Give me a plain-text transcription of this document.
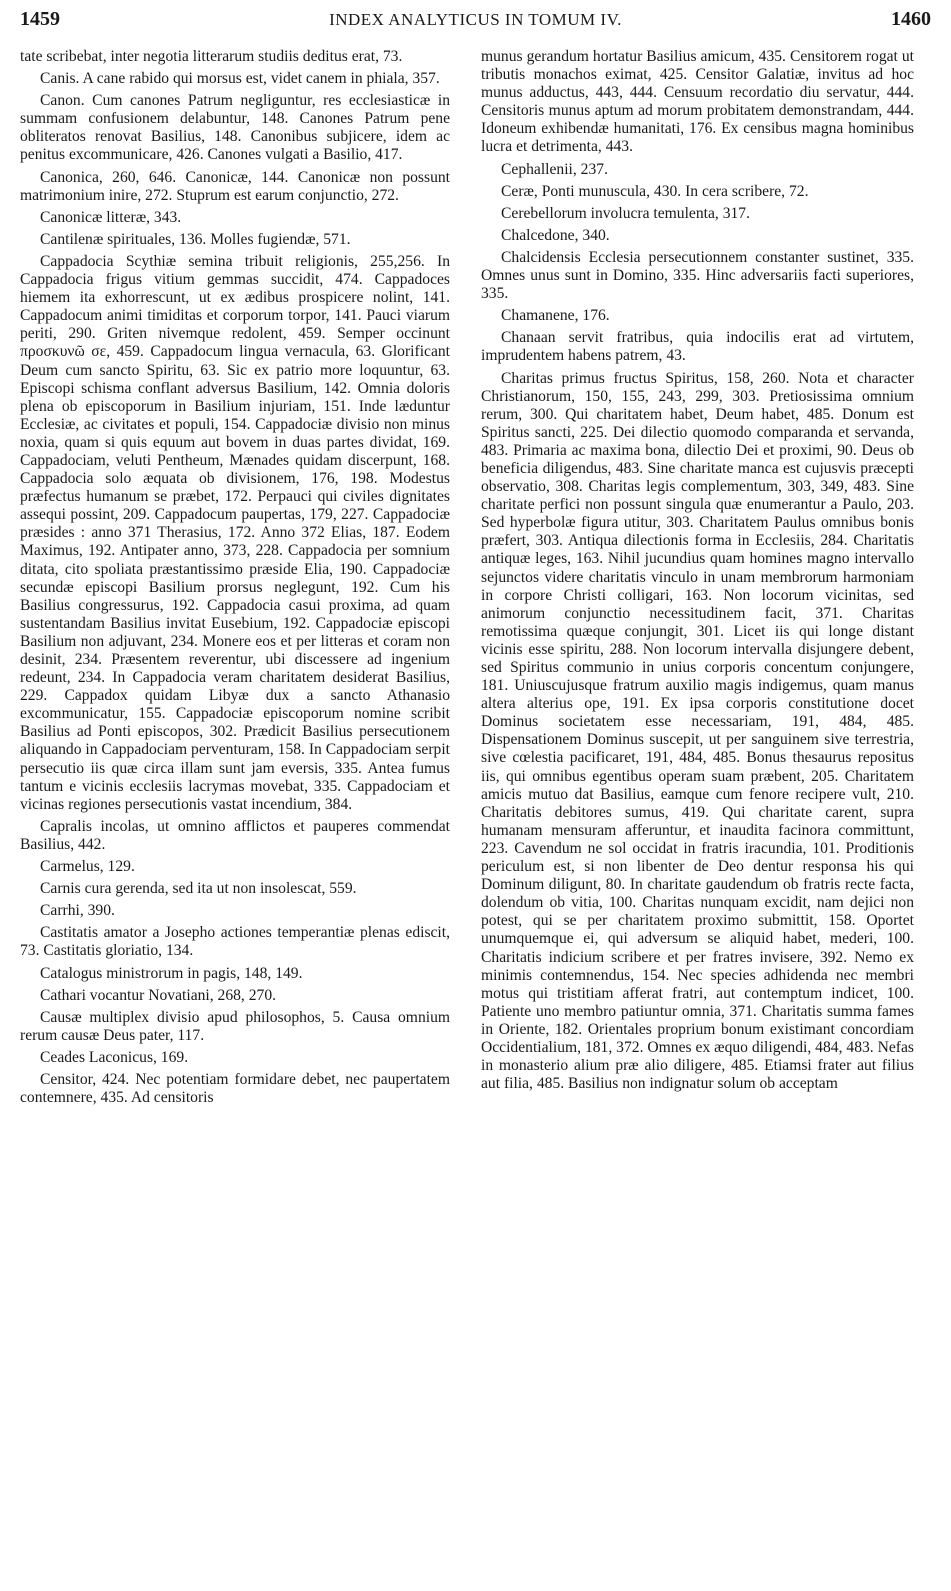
1459	INDEX ANALYTICUS IN TOMUM IV.	1460

tate scribebat, inter negotia litterarum studiis deditus erat, 73.

Canis. A cane rabido qui morsus est, videt canem in phiala, 357.

Canon. Cum canones Patrum negliguntur, res ecclesiasticæ in summam confusionem delabuntur, 148. Canones Patrum pene obliteratos renovat Basilius, 148. Canonibus subjicere, idem ac penitus excommunicare, 426. Canones vulgati a Basilio, 417.

Canonica, 260, 646. Canonicæ, 144. Canonicæ non possunt matrimonium inire, 272. Stuprum est earum conjunctio, 272.

Canonicæ litteræ, 343.

Cantilenæ spirituales, 136. Molles fugiendæ, 571.

Cappadocia Scythiæ semina tribuit religionis, 255,256. In Cappadocia frigus vitium gemmas succidit, 474. Cappadoces hiemem ita exhorrescunt, ut ex ædibus prospicere nolint, 141. Cappadocum animi timiditas et corporum torpor, 141. Pauci viarum periti, 290. Griten nivemque redolent, 459. Semper occinunt προσκυνῶ σε, 459. Cappadocum lingua vernacula, 63. Glorificant Deum cum sancto Spiritu, 63. Sic ex patrio more loquuntur, 63. Episcopi schisma conflant adversus Basilium, 142. Omnia doloris plena ob episcoporum in Basilium injuriam, 151. Inde læduntur Ecclesiæ, ac civitates et populi, 154. Cappadociæ divisio non minus noxia, quam si quis equum aut bovem in duas partes dividat, 169. Cappadociam, veluti Pentheum, Mænades quidam discerpunt, 168. Cappadocia solo æquata ob divisionem, 176, 198. Modestus præfectus humanum se præbet, 172. Perpauci qui civiles dignitates assequi possint, 209. Cappadocum paupertas, 179, 227. Cappadociæ præsides : anno 371 Therasius, 172. Anno 372 Elias, 187. Eodem Maximus, 192. Antipater anno, 373, 228. Cappadocia per somnium ditata, cito spoliata præstantissimo præside Elia, 190. Cappadociæ secundæ episcopi Basilium prorsus neglegunt, 192. Cum his Basilius congressurus, 192. Cappadocia casui proxima, ad quam sustentandam Basilius invitat Eusebium, 192. Cappadociæ episcopi Basilium non adjuvant, 234. Monere eos et per litteras et coram non desinit, 234. Præsentem reverentur, ubi discessere ad ingenium redeunt, 234. In Cappadocia veram charitatem desiderat Basilius, 229. Cappadox quidam Libyæ dux a sancto Athanasio excommunicatur, 155. Cappadociæ episcoporum nomine scribit Basilius ad Ponti episcopos, 302. Prædicit Basilius persecutionem aliquando in Cappadociam perventuram, 158. In Cappadociam serpit persecutio iis quæ circa illam sunt jam eversis, 335. Antea fumus tantum e vicinis ecclesiis lacrymas movebat, 335. Cappadociam et vicinas regiones persecutionis vastat incendium, 384.

Capralis incolas, ut omnino afflictos et pauperes commendat Basilius, 442.

Carmelus, 129.

Carnis cura gerenda, sed ita ut non insolescat, 559.

Carrhi, 390.

Castitatis amator a Josepho actiones temperantiæ plenas ediscit, 73. Castitatis gloriatio, 134.

Catalogus ministrorum in pagis, 148, 149.

Cathari vocantur Novatiani, 268, 270.

Causæ multiplex divisio apud philosophos, 5. Causa omnium rerum causæ Deus pater, 117.

Ceades Laconicus, 169.

Censitor, 424. Nec potentiam formidare debet, nec paupertatem contemnere, 435. Ad censitoris

munus gerandum hortatur Basilius amicum, 435. Censitorem rogat ut tributis monachos eximat, 425. Censitor Galatiæ, invitus ad hoc munus adductus, 443, 444. Censuum recordatio diu servatur, 444. Censitoris munus aptum ad morum probitatem demonstrandam, 444. Idoneum exhibendæ humanitati, 176. Ex censibus magna hominibus lucra et detrimenta, 443.

Cephallenii, 237.

Ceræ, Ponti munuscula, 430. In cera scribere, 72.

Cerebellorum involucra temulenta, 317.

Chalcedone, 340.

Chalcidensis Ecclesia persecutionnem constanter sustinet, 335. Omnes unus sunt in Domino, 335. Hinc adversariis facti superiores, 335.

Chamanene, 176.

Chanaan servit fratribus, quia indocilis erat ad virtutem, imprudentem habens patrem, 43.

Charitas primus fructus Spiritus, 158, 260. Nota et character Christianorum, 150, 155, 243, 299, 303. Pretiosissima omnium rerum, 300. Qui charitatem habet, Deum habet, 485. Donum est Spiritus sancti, 225. Dei dilectio quomodo comparanda et servanda, 483. Primaria ac maxima bona, dilectio Dei et proximi, 90. Deus ob beneficia diligendus, 483. Sine charitate manca est cujusvis præcepti observatio, 308. Charitas legis complementum, 303, 349, 483. Sine charitate perfici non possunt singula quæ enumerantur a Paulo, 203. Sed hyperbolæ figura utitur, 303. Charitatem Paulus omnibus bonis præfert, 303. Antiqua dilectionis forma in Ecclesiis, 284. Charitatis antiquæ leges, 163. Nihil jucundius quam homines magno intervallo sejunctos videre charitatis vinculo in unam membrorum harmoniam in corpore Christi colligari, 163. Non locorum vicinitas, sed animorum conjunctio necessitudinem facit, 371. Charitas remotissima quæque conjungit, 301. Licet iis qui longe distant vicinis esse spiritu, 288. Non locorum intervalla disjungere debent, sed Spiritus communio in unius corporis concentum conjungere, 181. Uniuscujusque fratrum auxilio magis indigemus, quam manus altera alterius ope, 191. Ex ipsa corporis constitutione docet Dominus societatem esse necessariam, 191, 484, 485. Dispensationem Dominus suscepit, ut per sanguinem sive terrestria, sive cœlestia pacificaret, 191, 484, 485. Bonus thesaurus repositus iis, qui omnibus egentibus operam suam præbent, 205. Charitatem amicis mutuo dat Basilius, eamque cum fenore recipere vult, 210. Charitatis debitores sumus, 419. Qui charitate carent, supra humanam mensuram afferuntur, et inaudita facinora committunt, 223. Cavendum ne sol occidat in fratris iracundia, 101. Proditionis periculum est, si non libenter de Deo dentur responsa his qui Dominum diligunt, 80. In charitate gaudendum ob fratris recte facta, dolendum ob vitia, 100. Charitas nunquam excidit, nam dejici non potest, qui se per charitatem proximo submittit, 158. Oportet unumquemque ei, qui adversum se aliquid habet, mederi, 100. Charitatis indicium scribere et per fratres invisere, 392. Nemo ex minimis contemnendus, 154. Nec species adhidenda nec membri motus qui tristitiam afferat fratri, aut contemptum indicet, 100. Patiente uno membro patiuntur omnia, 371. Charitatis summa fames in Oriente, 182. Orientales proprium bonum existimant concordiam Occidentialium, 181, 372. Omnes ex æquo diligendi, 484, 483. Nefas in monasterio alium præ alio diligere, 485. Etiamsi frater aut filius aut filia, 485. Basilius non indignatur solum ob acceptam
